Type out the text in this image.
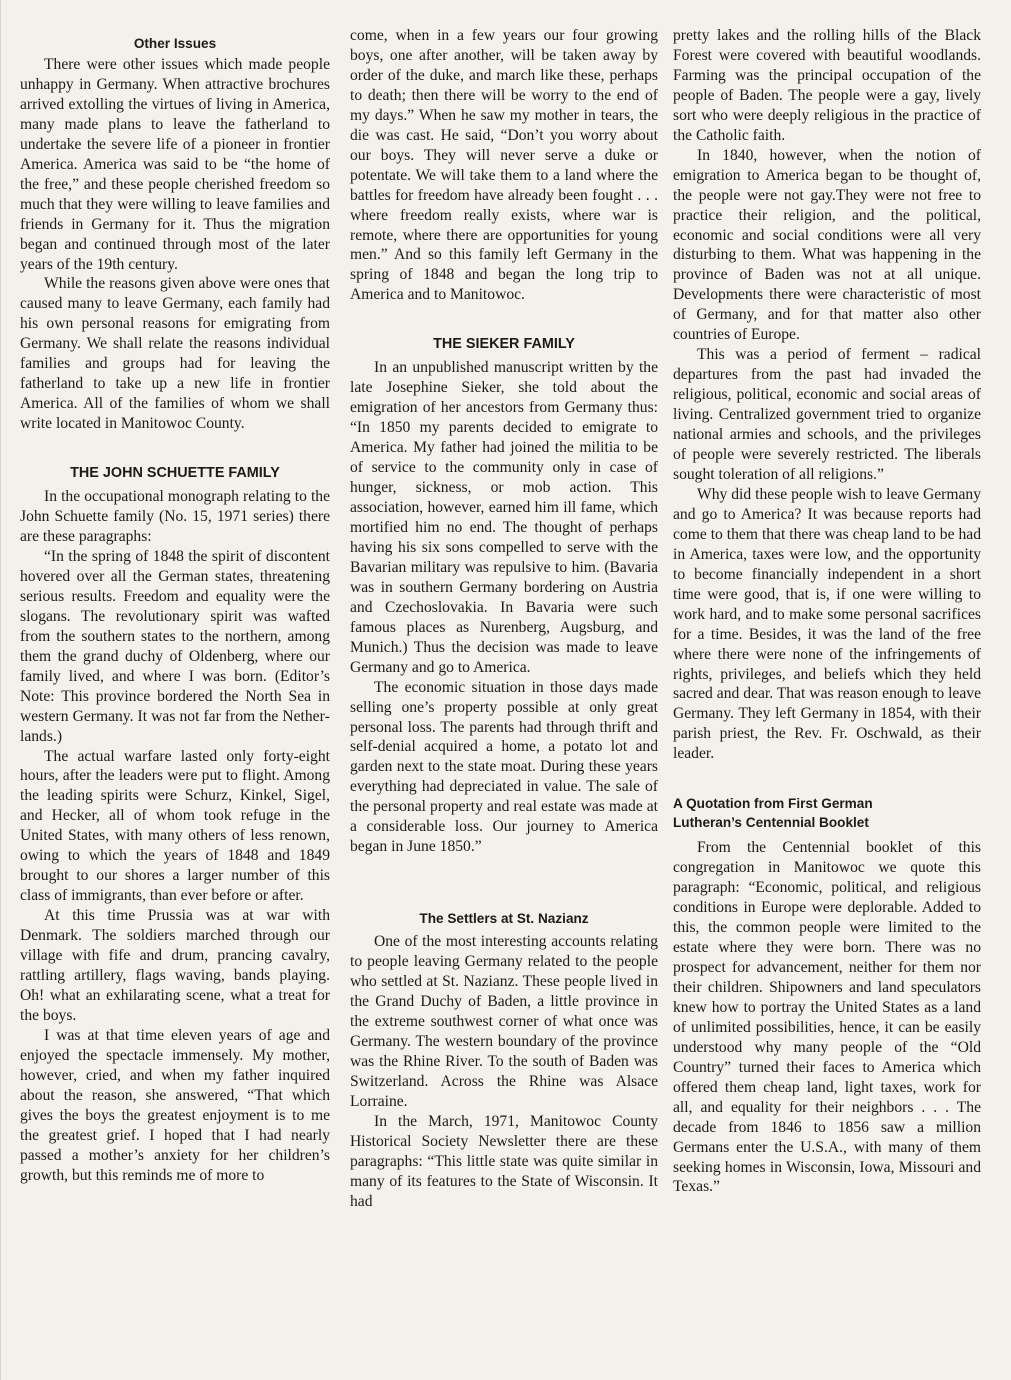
Other Issues

There were other issues which made people unhappy in Germany. When attractive brochures arrived extolling the virtues of living in America, many made plans to leave the fatherland to undertake the severe life of a pioneer in frontier America. America was said to be “the home of the free,” and these people cherished freedom so much that they were willing to leave families and friends in Germany for it. Thus the migration began and continued through most of the later years of the 19th century.

While the reasons given above were ones that caused many to leave Germany, each family had his own personal reasons for emigrating from Germany. We shall relate the reasons individual families and groups had for leaving the fatherland to take up a new life in frontier America. All of the families of whom we shall write located in Manitowoc County.

THE JOHN SCHUETTE FAMILY

In the occupational monograph relating to the John Schuette family (No. 15, 1971 series) there are these paragraphs:

“In the spring of 1848 the spirit of discontent hovered over all the German states, threatening serious results. Freedom and equality were the slogans. The revolutionary spirit was wafted from the southern states to the northern, among them the grand duchy of Oldenberg, where our family lived, and where I was born. (Editor’s Note: This province bordered the North Sea in western Germany. It was not far from the Netherlands.)

The actual warfare lasted only forty-eight hours, after the leaders were put to flight. Among the leading spirits were Schurz, Kinkel, Sigel, and Hecker, all of whom took refuge in the United States, with many others of less renown, owing to which the years of 1848 and 1849 brought to our shores a larger number of this class of immigrants, than ever before or after.

At this time Prussia was at war with Denmark. The soldiers marched through our village with fife and drum, prancing cavalry, rattling artillery, flags waving, bands playing. Oh! what an exhilarating scene, what a treat for the boys.

I was at that time eleven years of age and enjoyed the spectacle immensely. My mother, however, cried, and when my father inquired about the reason, she answered, “That which gives the boys the greatest enjoyment is to me the greatest grief. I hoped that I had nearly passed a mother’s anxiety for her children’s growth, but this reminds me of more to

come, when in a few years our four growing boys, one after another, will be taken away by order of the duke, and march like these, perhaps to death; then there will be worry to the end of my days.” When he saw my mother in tears, the die was cast. He said, “Don’t you worry about our boys. They will never serve a duke or potentate. We will take them to a land where the battles for freedom have already been fought . . . where freedom really exists, where war is remote, where there are opportunities for young men.” And so this family left Germany in the spring of 1848 and began the long trip to America and to Manitowoc.

THE SIEKER FAMILY

In an unpublished manuscript written by the late Josephine Sieker, she told about the emigration of her ancestors from Germany thus: “In 1850 my parents decided to emigrate to America. My father had joined the militia to be of service to the community only in case of hunger, sickness, or mob action. This association, however, earned him ill fame, which mortified him no end. The thought of perhaps having his six sons compelled to serve with the Bavarian military was repulsive to him. (Bavaria was in southern Germany bordering on Austria and Czechoslovakia. In Bavaria were such famous places as Nurenberg, Augsburg, and Munich.) Thus the decision was made to leave Germany and go to America.

The economic situation in those days made selling one’s property possible at only great personal loss. The parents had through thrift and self-denial acquired a home, a potato lot and garden next to the state moat. During these years everything had depreciated in value. The sale of the personal property and real estate was made at a considerable loss. Our journey to America began in June 1850.”

The Settlers at St. Nazianz

One of the most interesting accounts relating to people leaving Germany related to the people who settled at St. Nazianz. These people lived in the Grand Duchy of Baden, a little province in the extreme southwest corner of what once was Germany. The western boundary of the province was the Rhine River. To the south of Baden was Switzerland. Across the Rhine was Alsace Lorraine.

In the March, 1971, Manitowoc County Historical Society Newsletter there are these paragraphs: “This little state was quite similar in many of its features to the State of Wisconsin. It had

pretty lakes and the rolling hills of the Black Forest were covered with beautiful woodlands. Farming was the principal occupation of the people of Baden. The people were a gay, lively sort who were deeply religious in the practice of the Catholic faith.

In 1840, however, when the notion of emigration to America began to be thought of, the people were not gay.They were not free to practice their religion, and the political, economic and social conditions were all very disturbing to them. What was happening in the province of Baden was not at all unique. Developments there were characteristic of most of Germany, and for that matter also other countries of Europe.

This was a period of ferment – radical departures from the past had invaded the religious, political, economic and social areas of living. Centralized government tried to organize national armies and schools, and the privileges of people were severely restricted. The liberals sought toleration of all religions.”

Why did these people wish to leave Germany and go to America? It was because reports had come to them that there was cheap land to be had in America, taxes were low, and the opportunity to become financially independent in a short time were good, that is, if one were willing to work hard, and to make some personal sacrifices for a time. Besides, it was the land of the free where there were none of the infringements of rights, privileges, and beliefs which they held sacred and dear. That was reason enough to leave Germany. They left Germany in 1854, with their parish priest, the Rev. Fr. Oschwald, as their leader.

A Quotation from First German Lutheran’s Centennial Booklet

From the Centennial booklet of this congregation in Manitowoc we quote this paragraph: “Economic, political, and religious conditions in Europe were deplorable. Added to this, the common people were limited to the estate where they were born. There was no prospect for advancement, neither for them nor their children. Shipowners and land speculators knew how to portray the United States as a land of unlimited possibilities, hence, it can be easily understood why many people of the “Old Country” turned their faces to America which offered them cheap land, light taxes, work for all, and equality for their neighbors . . . The decade from 1846 to 1856 saw a million Germans enter the U.S.A., with many of them seeking homes in Wisconsin, Iowa, Missouri and Texas.”
